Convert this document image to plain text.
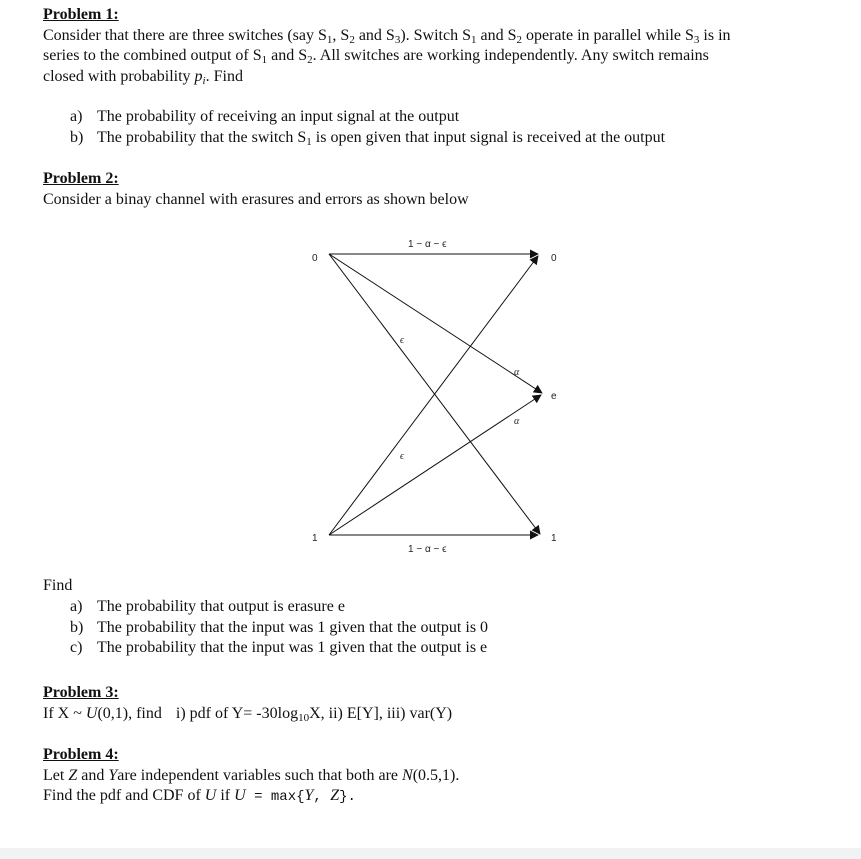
Problem 1:

Consider that there are three switches (say $S_1$, $S_2$ and $S_3$). Switch $S_1$ and $S_2$ operate in parallel while $S_3$ is in

series to the combined output of $S_1$ and $S_2$. All switches are working independently. Any switch remains

closed with probability $p_i$. Find

a) The probability of receiving an input signal at the output
b) The probability that the switch $S_1$ is open given that input signal is received at the output
Problem 2:

Consider a binay channel with erasures and errors as shown below

0
1
0
e
1
1 − α − ϵ
1 − α − ϵ
ϵ
ϵ
α
α

Find

a) The probability that output is erasure e
b) The probability that the input was 1 given that the output is 0
c) The probability that the input was 1 given that the output is e
Problem 3:

If X ~ U(0,1), find i) pdf of $Y= -30\log_{10}X$, ii) E[Y], iii) var(Y)

Problem 4:

Let Z and Yare independent variables such that both are N(0.5,1).

Find the pdf and CDF of U if U = max{Y, Z}.
